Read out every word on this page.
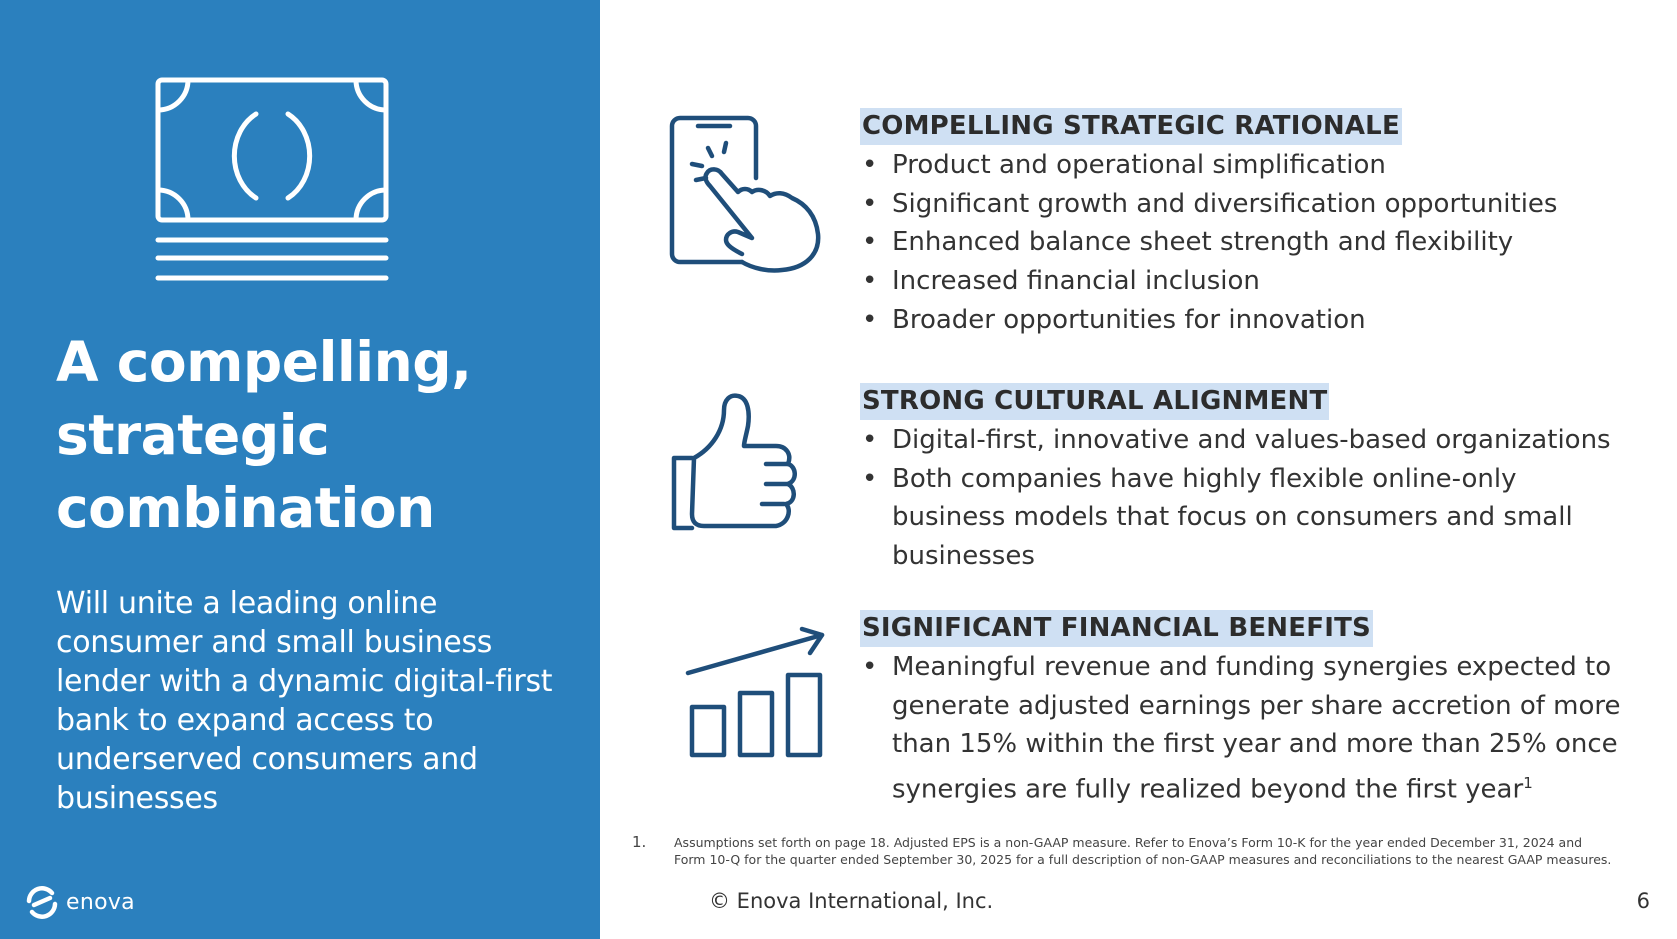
A compelling,
strategic
combination

Will unite a leading online consumer and small business lender with a dynamic digital-first bank to expand access to underserved consumers and businesses

enova
COMPELLING STRATEGIC RATIONALE
• Product and operational simplification
• Significant growth and diversification opportunities
• Enhanced balance sheet strength and flexibility
• Increased financial inclusion
• Broader opportunities for innovation
STRONG CULTURAL ALIGNMENT
• Digital-first, innovative and values-based organizations
• Both companies have highly flexible online-only
business models that focus on consumers and small
businesses
SIGNIFICANT FINANCIAL BENEFITS
• Meaningful revenue and funding synergies expected to
generate adjusted earnings per share accretion of more
than 15% within the first year and more than 25% once
synergies are fully realized beyond the first year$^1$
1. Assumptions set forth on page 18. Adjusted EPS is a non-GAAP measure. Refer to Enova’s Form 10-K for the year ended December 31, 2024 and Form 10-Q for the quarter ended September 30, 2025 for a full description of non-GAAP measures and reconciliations to the nearest GAAP measures.
© Enova International, Inc.	6
